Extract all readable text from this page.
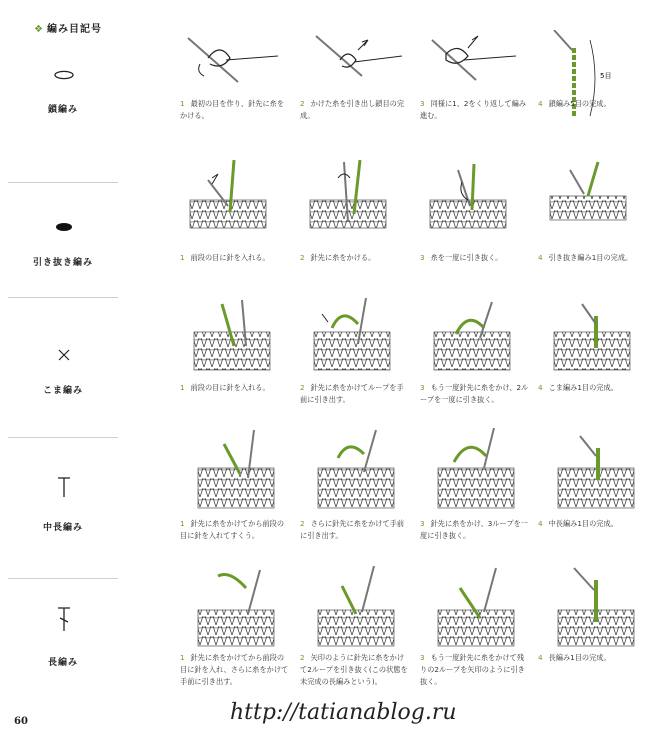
❖ 編み目記号
鎖編み
引き抜き編み
こま編み
中長編み
長編み
5目
1 最初の目を作り、針先に糸をかける。
2 かけた糸を引き出し鎖目の完成。
3 同様に1、2をくり返して編み進む。
4 鎖編み5目の完成。
1 前段の目に針を入れる。	2 針先に糸をかける。	3 糸を一度に引き抜く。	4 引き抜き編み1目の完成。
1 前段の目に針を入れる。	2 針先に糸をかけてループを手前に引き出す。
3 もう一度針先に糸をかけ、2ループを一度に引き抜く。
4 こま編み1目の完成。
1 針先に糸をかけてから前段の目に針を入れてすくう。
2 さらに針先に糸をかけて手前に引き出す。
3 針先に糸をかけ、3ループを一度に引き抜く。
4 中長編み1目の完成。
1 針先に糸をかけてから前段の目に針を入れ、さらに糸をかけて手前に引き出す。
2 矢印のように針先に糸をかけて2ループを引き抜く(この状態を未完成の長編みという)。
3 もう一度針先に糸をかけて残りの2ループを矢印のように引き抜く。
4 長編み1目の完成。
60	http://tatianablog.ru
